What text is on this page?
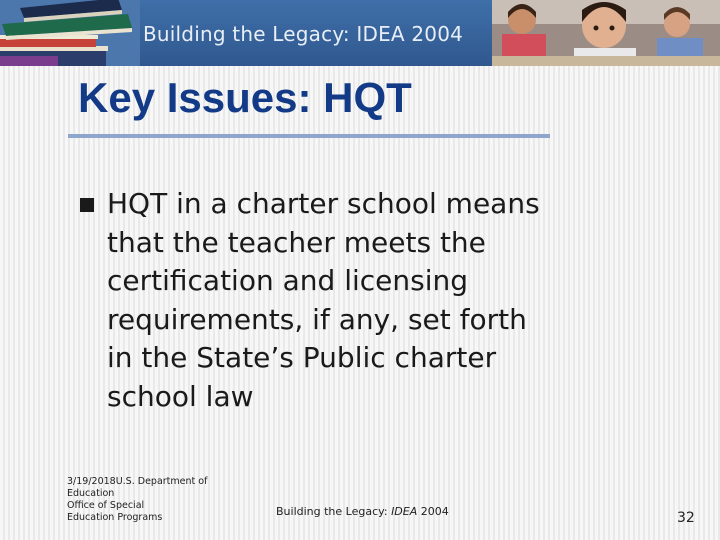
Building the Legacy: IDEA 2004
Key Issues: HQT

HQT in a charter school means
that the teacher meets the
certification and licensing
requirements, if any, set forth
in the State’s Public charter
school law

3/19/2018U.S. Department of
Education
Office of Special
Education Programs	Building the Legacy: IDEA 2004	32
